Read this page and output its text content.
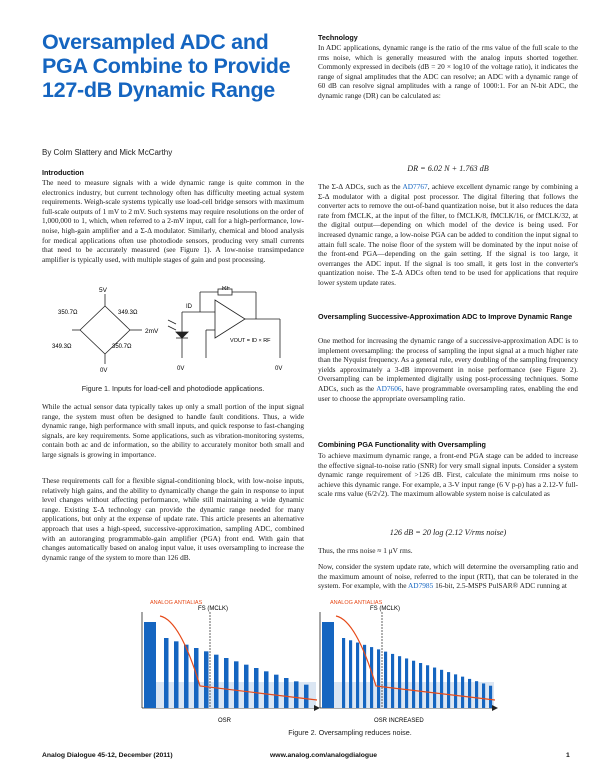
Oversampled ADC and PGA Combine to Provide 127-dB Dynamic Range
By Colm Slattery and Mick McCarthy
Introduction

The need to measure signals with a wide dynamic range is quite common in the electronics industry, but current technology often has difficulty meeting actual system requirements. Weigh-scale systems typically use load-cell bridge sensors with maximum full-scale outputs of 1 mV to 2 mV. Such systems may require resolutions on the order of 1,000,000 to 1, which, when referred to a 2-mV input, call for a high-performance, low-noise, high-gain amplifier and a Σ-Δ modulator. Similarly, chemical and blood analysis for medical applications often use photodiode sensors, producing very small currents that need to be accurately measured (see Figure 1). A low-noise transimpedance amplifier is typically used, with multiple stages of gain and post processing.

5V
350.7Ω	349.3Ω
349.3Ω	350.7Ω
2mV
RF
ID
VOUT = ID × RF
0V	0V	0V
Figure 1. Inputs for load-cell and photodiode applications.

While the actual sensor data typically takes up only a small portion of the input signal range, the system must often be designed to handle fault conditions. Thus, a wide dynamic range, high performance with small inputs, and quick response to fast-changing signals, are key requirements. Some applications, such as vibration-monitoring systems, contain both ac and dc information, so the ability to accurately monitor both small and large signals is growing in importance.

These requirements call for a flexible signal-conditioning block, with low-noise inputs, relatively high gains, and the ability to dynamically change the gain in response to input level changes without affecting performance, while still maintaining a wide dynamic range. Existing Σ-Δ technology can provide the dynamic range needed for many applications, but only at the expense of update rate. This article presents an alternative approach that uses a high-speed, successive-approximation, sampling ADC, combined with an autoranging programmable-gain amplifier (PGA) front end. With gain that changes automatically based on analog input value, it uses oversampling to increase the dynamic range of the system to more than 126 dB.

Technology

In ADC applications, dynamic range is the ratio of the rms value of the full scale to the rms noise, which is generally measured with the analog inputs shorted together. Commonly expressed in decibels (dB = 20 × log10 of the voltage ratio), it indicates the range of signal amplitudes that the ADC can resolve; an ADC with a dynamic range of 60 dB can resolve signal amplitudes with a range of 1000:1. For an N-bit ADC, the dynamic range (DR) can be calculated as:

DR = 6.02 N + 1.763 dB

The Σ-Δ ADCs, such as the AD7767, achieve excellent dynamic range by combining a Σ-Δ modulator with a digital post processor. The digital filtering that follows the converter acts to remove the out-of-band quantization noise, but it also reduces the data rate from fMCLK, at the input of the filter, to fMCLK/8, fMCLK/16, or fMCLK/32, at the digital output—depending on which model of the device is being used. For increased dynamic range, a low-noise PGA can be added to condition the input signal to attain full scale. The noise floor of the system will be dominated by the input noise of the front-end PGA—depending on the gain setting. If the signal is too large, it overranges the ADC input. If the signal is too small, it gets lost in the converter's quantization noise. The Σ-Δ ADCs often tend to be used for applications that require lower system update rates.

Oversampling Successive-Approximation ADC to Improve Dynamic Range

One method for increasing the dynamic range of a successive-approximation ADC is to implement oversampling: the process of sampling the input signal at a much higher rate than the Nyquist frequency. As a general rule, every doubling of the sampling frequency yields approximately a 3-dB improvement in noise performance (see Figure 2). Oversampling can be implemented digitally using post-processing techniques. Some ADCs, such as the AD7606, have programmable oversampling rates, enabling the end user to choose the appropriate oversampling ratio.

Combining PGA Functionality with Oversampling

To achieve maximum dynamic range, a front-end PGA stage can be added to increase the effective signal-to-noise ratio (SNR) for very small signal inputs. Consider a system dynamic range requirement of >126 dB. First, calculate the minimum rms noise to achieve this dynamic range. For example, a 3-V input range (6 V p-p) has a 2.12-V full-scale rms value (6/2√2). The maximum allowable system noise is calculated as

126 dB = 20 log (2.12 V/rms noise)
Thus, the rms noise ≈ 1 μV rms.

Now, consider the system update rate, which will determine the oversampling ratio and the maximum amount of noise, referred to the input (RTI), that can be tolerated in the system. For example, with the AD7985 16-bit, 2.5-MSPS PulSAR® ADC running at

ANALOG ANTIALIAS
FS (MCLK)
OSR
ANALOG ANTIALIAS
FS (MCLK)
OSR INCREASED
Figure 2. Oversampling reduces noise.
Analog Dialogue 45-12, December (2011)	www.analog.com/analogdialogue	1
